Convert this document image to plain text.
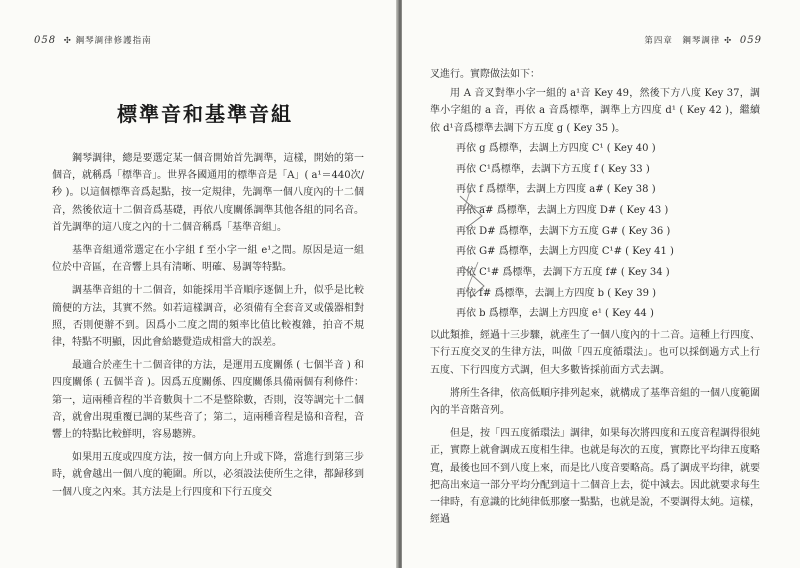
058 ✣ 鋼琴調律修護指南	第四章　鋼琴調律 ✣ 059
標準音和基準音組

鋼琴調律，總是要選定某一個音開始首先調準，這樣，開始的第一個音，就稱爲「標準音」。世界各國通用的標準音是「A」( a¹＝440次/秒 )。以這個標準音爲起點，按一定規律，先調準一個八度內的十二個音，然後依這十二個音爲基礎，再依八度關係調準其他各組的同名音。首先調準的這八度之內的十二個音稱爲「基準音組」。

基準音組通常選定在小字組 f 至小字一組 e¹之間。原因是這一組位於中音區，在音響上具有清晰、明確、易調等特點。

調基準音組的十二個音，如能採用半音順序逐個上升，似乎是比較簡便的方法，其實不然。如若這樣調音，必須備有全套音叉或儀器相對照，否則便辦不到。因爲小二度之間的頻率比值比較複雜，拍音不規律，特點不明顯，因此會給聽覺造成相當大的誤差。

最適合於產生十二個音律的方法，是運用五度關係 ( 七個半音 ) 和四度關係 ( 五個半音 )。因爲五度關係、四度關係具備兩個有利條件：第一，這兩種音程的半音數與十二不是整除數，否則，沒等調完十二個音，就會出現重覆已調的某些音了；第二，這兩種音程是協和音程，音響上的特點比較鮮明，容易聽辨。

如果用五度或四度方法，按一個方向上升或下降，當進行到第三步時，就會越出一個八度的範圍。所以，必須設法使所生之律，都歸移到一個八度之內來。其方法是上行四度和下行五度交

叉進行。實際做法如下：

用 A 音叉對準小字一組的 a¹音 Key 49，然後下方八度 Key 37，調準小字組的 a 音，再依 a 音爲標準，調準上方四度 d¹ ( Key 42 )，繼續依 d¹音爲標準去調下方五度 g ( Key 35 )。
再依 g 爲標準，去調上方四度 C¹ ( Key 40 )
再依 C¹爲標準，去調下方五度 f ( Key 33 )
再依 f 爲標準，去調上方四度 a# ( Key 38 )
再依 a# 爲標準，去調上方四度 D# ( Key 43 )
再依 D# 爲標準，去調下方五度 G# ( Key 36 )
再依 G# 爲標準，去調上方四度 C¹# ( Key 41 )
再依 C¹# 爲標準，去調下方五度 f# ( Key 34 )
再依 f# 爲標準，去調上方四度 b ( Key 39 )
再依 b 爲標準，去調上方四度 e¹ ( Key 44 )

以此類推，經過十三步驟，就產生了一個八度內的十二音。這種上行四度、下行五度交叉的生律方法，叫做「四五度循環法」。也可以採倒過方式上行五度、下行四度方式調，但大多數皆採前面方式去調。

將所生各律，依高低順序排列起來，就構成了基準音組的一個八度範圍內的半音階音列。

但是，按「四五度循環法」調律，如果每次將四度和五度音程調得很純正，實際上就會調成五度相生律。也就是每次的五度，實際比平均律五度略寬，最後也回不到八度上來，而是比八度音要略高。爲了調成平均律，就要把高出來這一部分平均分配到這十二個音上去，從中減去。因此就要求每生一律時，有意識的比純律低那麼一點點，也就是說，不要調得太純。這樣，經過
